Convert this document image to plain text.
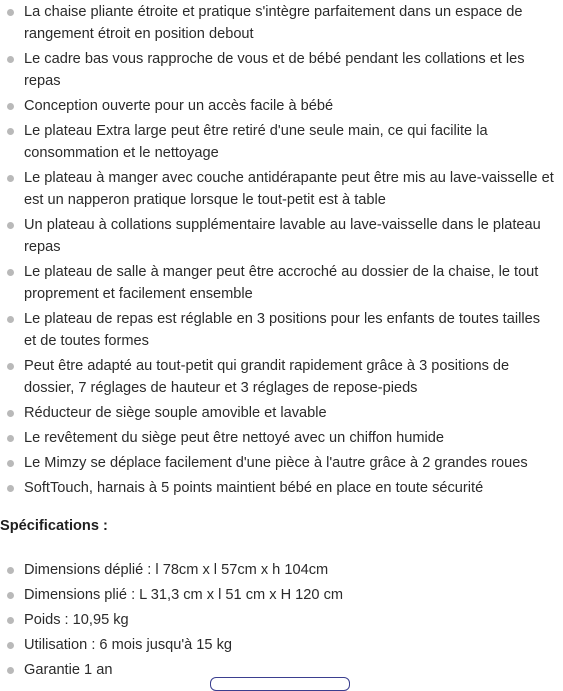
La chaise pliante étroite et pratique s'intègre parfaitement dans un espace de rangement étroit en position debout
Le cadre bas vous rapproche de vous et de bébé pendant les collations et les repas
Conception ouverte pour un accès facile à bébé
Le plateau Extra large peut être retiré d'une seule main, ce qui facilite la consommation et le nettoyage
Le plateau à manger avec couche antidérapante peut être mis au lave-vaisselle et est un napperon pratique lorsque le tout-petit est à table
Un plateau à collations supplémentaire lavable au lave-vaisselle dans le plateau repas
Le plateau de salle à manger peut être accroché au dossier de la chaise, le tout proprement et facilement ensemble
Le plateau de repas est réglable en 3 positions pour les enfants de toutes tailles et de toutes formes
Peut être adapté au tout-petit qui grandit rapidement grâce à 3 positions de dossier, 7 réglages de hauteur et 3 réglages de repose-pieds
Réducteur de siège souple amovible et lavable
Le revêtement du siège peut être nettoyé avec un chiffon humide
Le Mimzy se déplace facilement d'une pièce à l'autre grâce à 2 grandes roues
SoftTouch, harnais à 5 points maintient bébé en place en toute sécurité
Spécifications :
Dimensions déplié : l 78cm x l 57cm x h 104cm
Dimensions plié : L 31,3 cm x l 51 cm x H 120 cm
Poids : 10,95 kg
Utilisation : 6 mois jusqu'à 15 kg
Garantie 1 an
